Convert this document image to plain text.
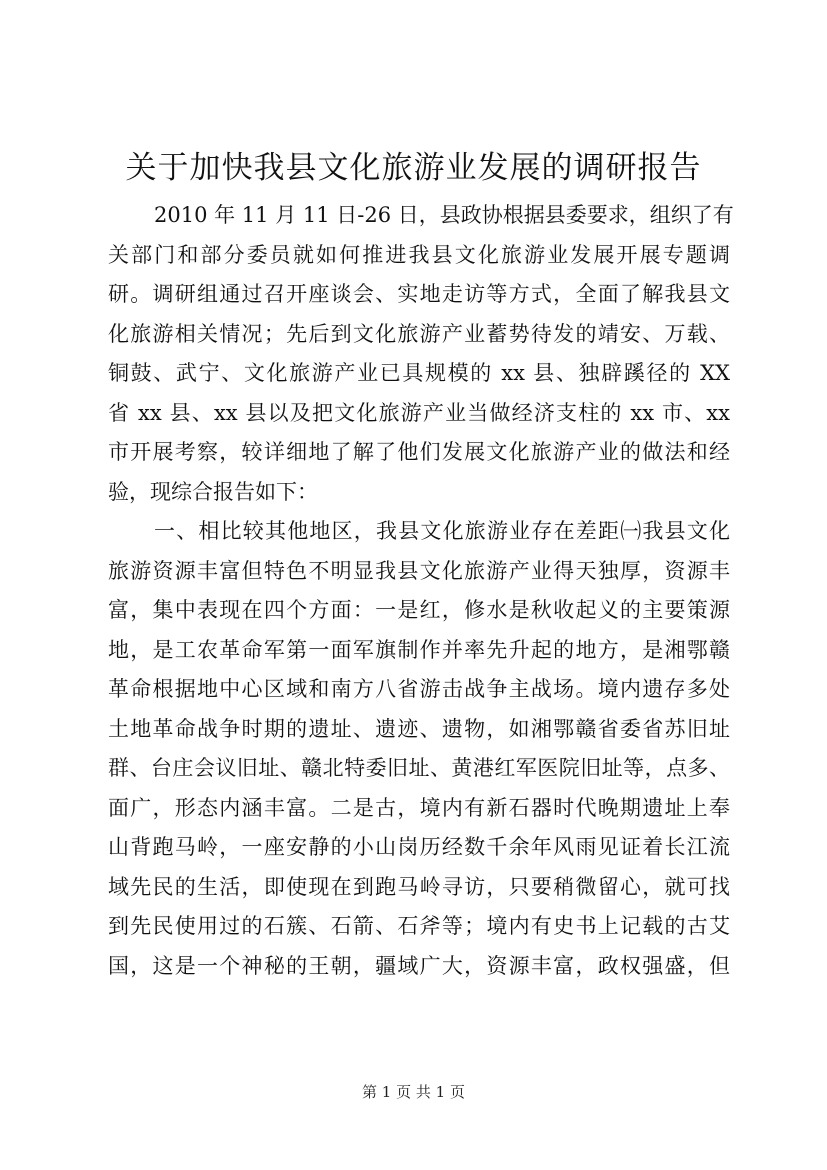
关于加快我县文化旅游业发展的调研报告
2010 年 11 月 11 日-26 日，县政协根据县委要求，组织了有
关部门和部分委员就如何推进我县文化旅游业发展开展专题调
研。调研组通过召开座谈会、实地走访等方式，全面了解我县文
化旅游相关情况；先后到文化旅游产业蓄势待发的靖安、万载、
铜鼓、武宁、文化旅游产业已具规模的 xx 县、独辟蹊径的 XX
省 xx 县、xx 县以及把文化旅游产业当做经济支柱的 xx 市、xx
市开展考察，较详细地了解了他们发展文化旅游产业的做法和经
验，现综合报告如下：
一、相比较其他地区，我县文化旅游业存在差距㈠我县文化
旅游资源丰富但特色不明显我县文化旅游产业得天独厚，资源丰
富，集中表现在四个方面：一是红，修水是秋收起义的主要策源
地，是工农革命军第一面军旗制作并率先升起的地方，是湘鄂赣
革命根据地中心区域和南方八省游击战争主战场。境内遗存多处
土地革命战争时期的遗址、遗迹、遗物，如湘鄂赣省委省苏旧址
群、台庄会议旧址、赣北特委旧址、黄港红军医院旧址等，点多、
面广，形态内涵丰富。二是古，境内有新石器时代晚期遗址上奉
山背跑马岭，一座安静的小山岗历经数千余年风雨见证着长江流
域先民的生活，即使现在到跑马岭寻访，只要稍微留心，就可找
到先民使用过的石簇、石箭、石斧等；境内有史书上记载的古艾
国，这是一个神秘的王朝，疆域广大，资源丰富，政权强盛，但
第 1 页 共 1 页
